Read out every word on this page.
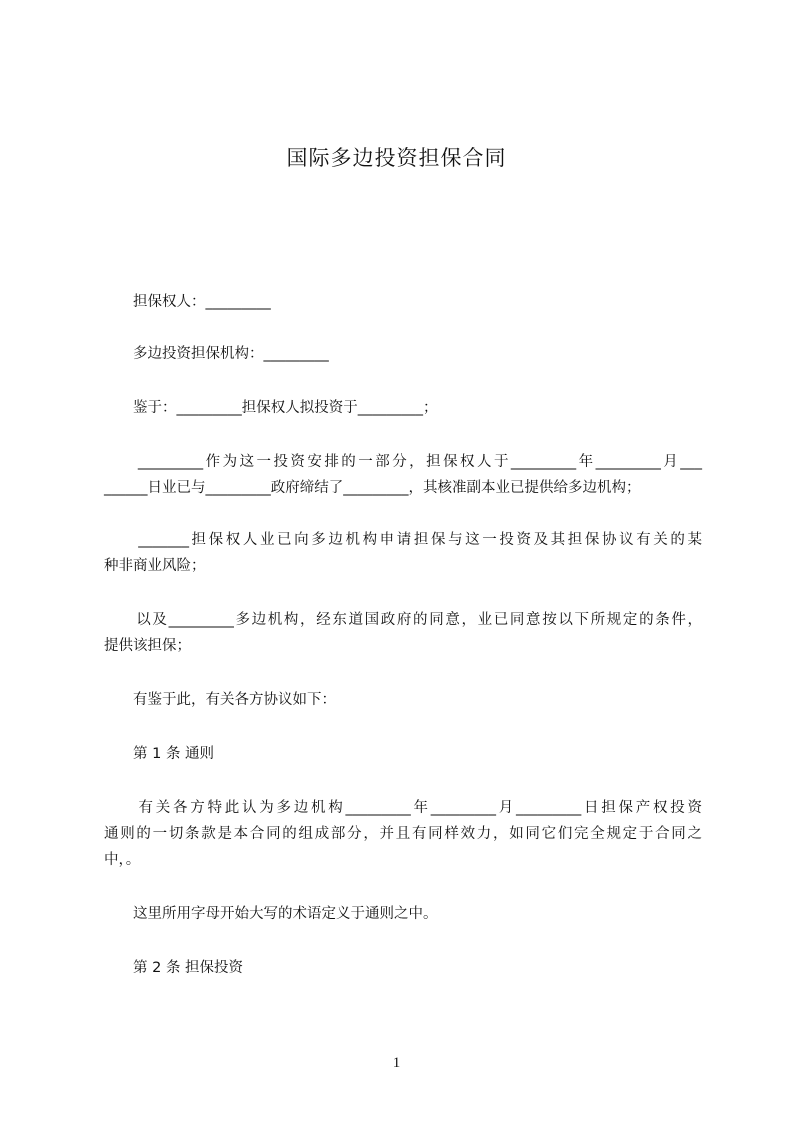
国际多边投资担保合同
　　担保权人：_________
　　多边投资担保机构：_________
　　鉴于：_________担保权人拟投资于_________；
　　_________作为这一投资安排的一部分，担保权人于_________年_________月___
______日业已与_________政府缔结了_________，其核准副本业已提供给多边机构；
　　_______担保权人业已向多边机构申请担保与这一投资及其担保协议有关的某
种非商业风险；
　　以及_________多边机构，经东道国政府的同意，业已同意按以下所规定的条件，
提供该担保；
　　有鉴于此，有关各方协议如下：
　　第 1 条 通则
　　有关各方特此认为多边机构_________年_________月_________日担保产权投资
通则的一切条款是本合同的组成部分，并且有同样效力，如同它们完全规定于合同之
中，。
　　这里所用字母开始大写的术语定义于通则之中。
　　第 2 条 担保投资
1
